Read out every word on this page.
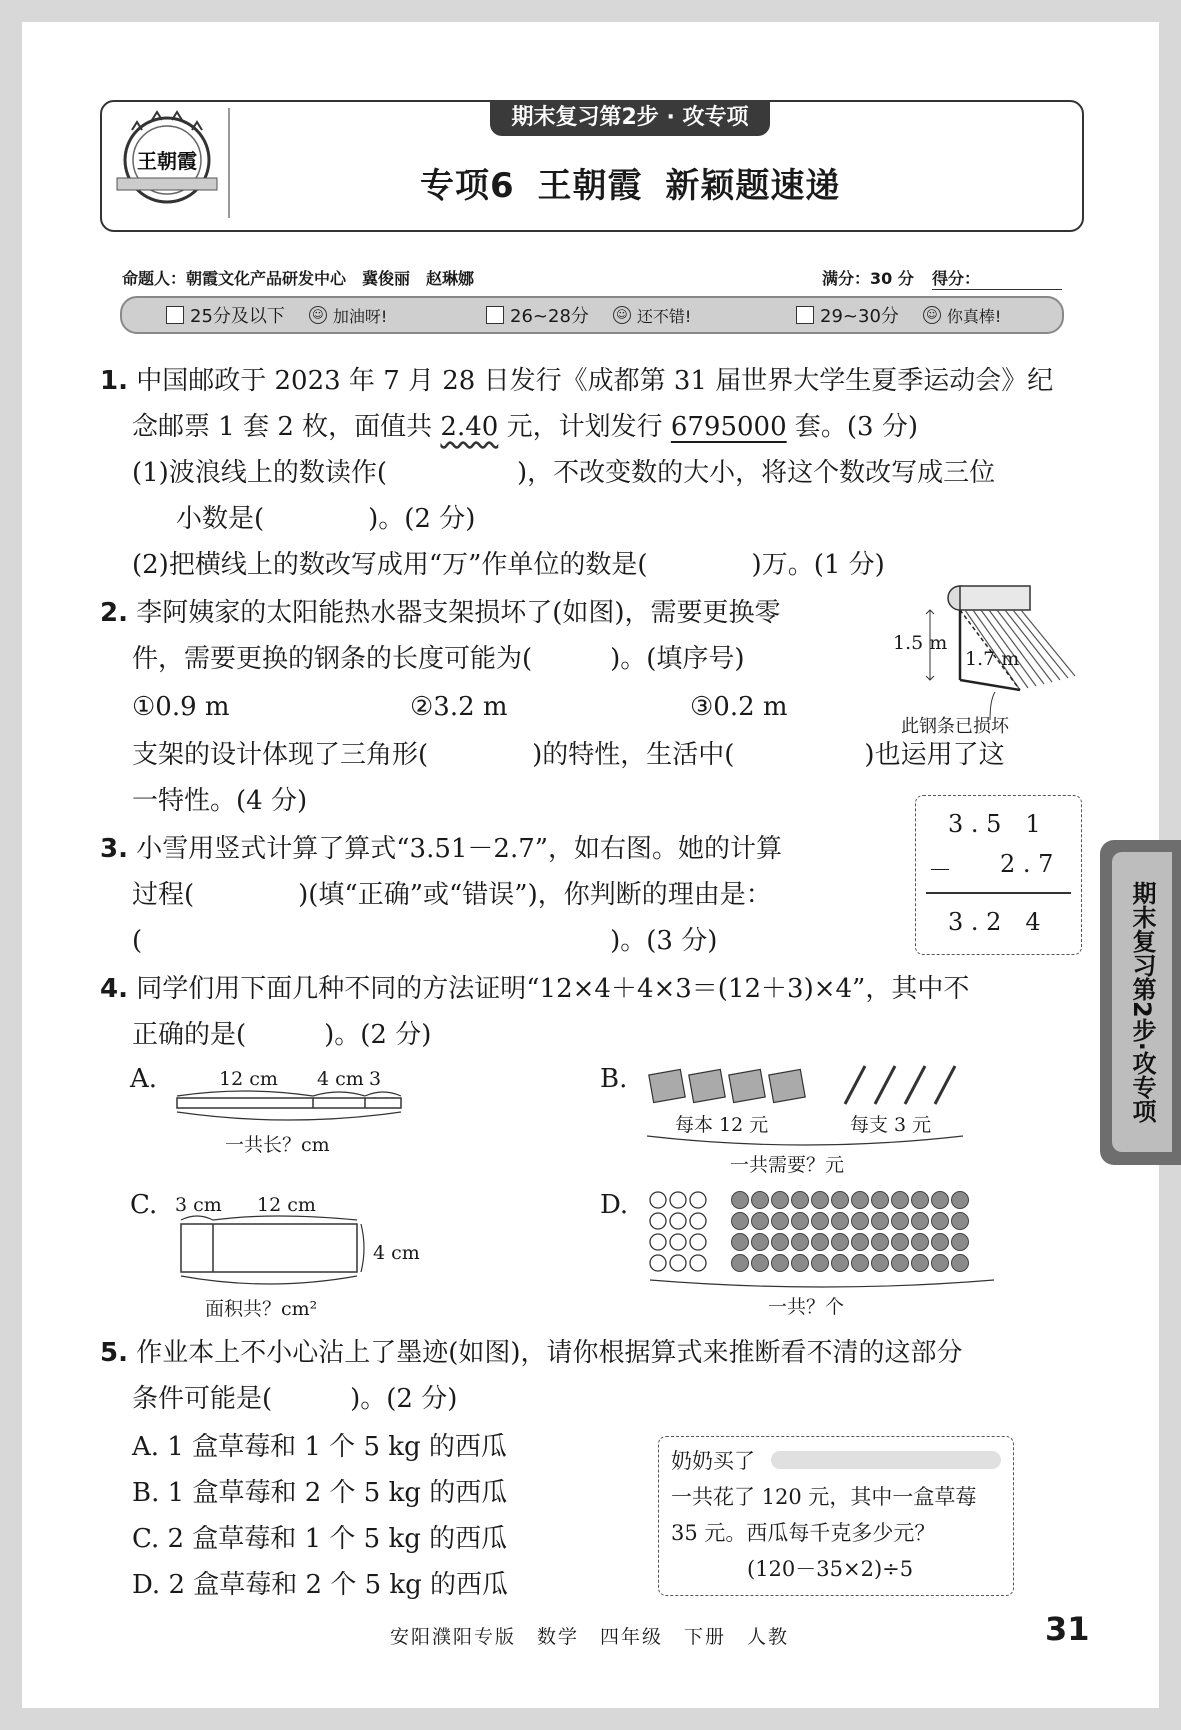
王朝霞
期末复习第2步 · 攻专项
专项6 王朝霞 新颖题速递
命题人：朝霞文化产品研发中心　冀俊丽　赵琳娜	满分：30 分 得分：
25分及以下 ☺ 加油呀!	26~28分 ☺ 还不错!	29~30分 ☺ 你真棒!
1. 中国邮政于 2023 年 7 月 28 日发行《成都第 31 届世界大学生夏季运动会》纪
念邮票 1 套 2 枚，面值共 2.40 元，计划发行 6795000 套。(3 分)
(1)波浪线上的数读作(　　　　　)，不改变数的大小，将这个数改写成三位
小数是(　　　　)。(2 分)
(2)把横线上的数改写成用“万”作单位的数是(　　　　)万。(1 分)
2. 李阿姨家的太阳能热水器支架损坏了(如图)，需要更换零
件，需要更换的钢条的长度可能为(　　　)。(填序号)
①0.9 m	②3.2 m	③0.2 m
支架的设计体现了三角形(　　　　)的特性，生活中(　　　　　)也运用了这
一特性。(4 分)
1.5 m
1.7 m
此钢条已损坏
3. 小雪用竖式计算了算式“3.51－2.7”，如右图。她的计算
过程(　　　　)(填“正确”或“错误”)，你判断的理由是：
(　　　　　　　　　　　　　　　　　　)。(3 分)
3 . 5　1
－ 2 . 7
3 . 2　4
4. 同学们用下面几种不同的方法证明“12×4＋4×3＝(12＋3)×4”，其中不
正确的是(　　　)。(2 分)
A.	12 cm 4 cm 3
一共长？cm
B.
每本 12 元	每支 3 元
一共需要？元
C. 3 cm 12 cm
4 cm
面积共？cm²
D.
一共？个
5. 作业本上不小心沾上了墨迹(如图)，请你根据算式来推断看不清的这部分
条件可能是(　　　)。(2 分)
A. 1 盒草莓和 1 个 5 kg 的西瓜
B. 1 盒草莓和 2 个 5 kg 的西瓜
C. 2 盒草莓和 1 个 5 kg 的西瓜
D. 2 盒草莓和 2 个 5 kg 的西瓜
奶奶买了
一共花了 120 元，其中一盒草莓
35 元。西瓜每千克多少元？
(120－35×2)÷5
期末复习第2步·攻专项
安阳濮阳专版　数学　四年级　下册　人教	31
